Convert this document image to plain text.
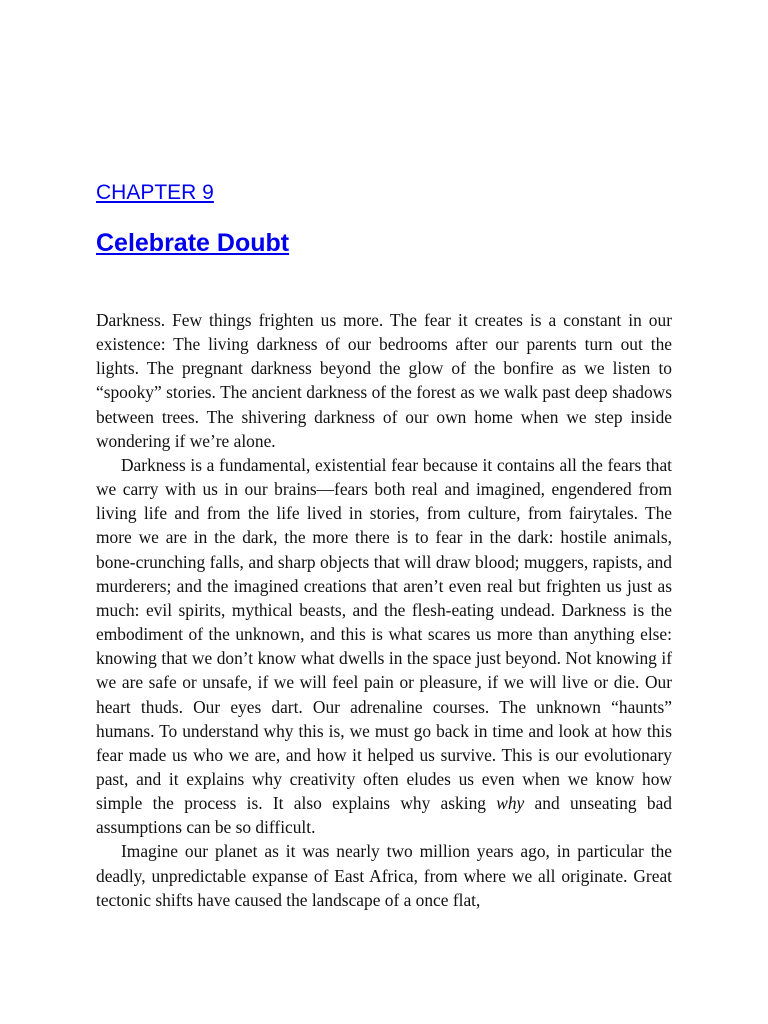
CHAPTER 9
Celebrate Doubt

Darkness. Few things frighten us more. The fear it creates is a constant in our existence: The living darkness of our bedrooms after our parents turn out the lights. The pregnant darkness beyond the glow of the bonfire as we listen to “spooky” stories. The ancient darkness of the forest as we walk past deep shadows between trees. The shivering darkness of our own home when we step inside wondering if we’re alone.

Darkness is a fundamental, existential fear because it contains all the fears that we carry with us in our brains—fears both real and imagined, engendered from living life and from the life lived in stories, from culture, from fairytales. The more we are in the dark, the more there is to fear in the dark: hostile animals, bone-crunching falls, and sharp objects that will draw blood; muggers, rapists, and murderers; and the imagined creations that aren’t even real but frighten us just as much: evil spirits, mythical beasts, and the flesh-eating undead. Darkness is the embodiment of the unknown, and this is what scares us more than anything else: knowing that we don’t know what dwells in the space just beyond. Not knowing if we are safe or unsafe, if we will feel pain or pleasure, if we will live or die. Our heart thuds. Our eyes dart. Our adrenaline courses. The unknown “haunts” humans. To understand why this is, we must go back in time and look at how this fear made us who we are, and how it helped us survive. This is our evolutionary past, and it explains why creativity often eludes us even when we know how simple the process is. It also explains why asking why and unseating bad assumptions can be so difficult.

Imagine our planet as it was nearly two million years ago, in particular the deadly, unpredictable expanse of East Africa, from where we all originate. Great tectonic shifts have caused the landscape of a once flat,
